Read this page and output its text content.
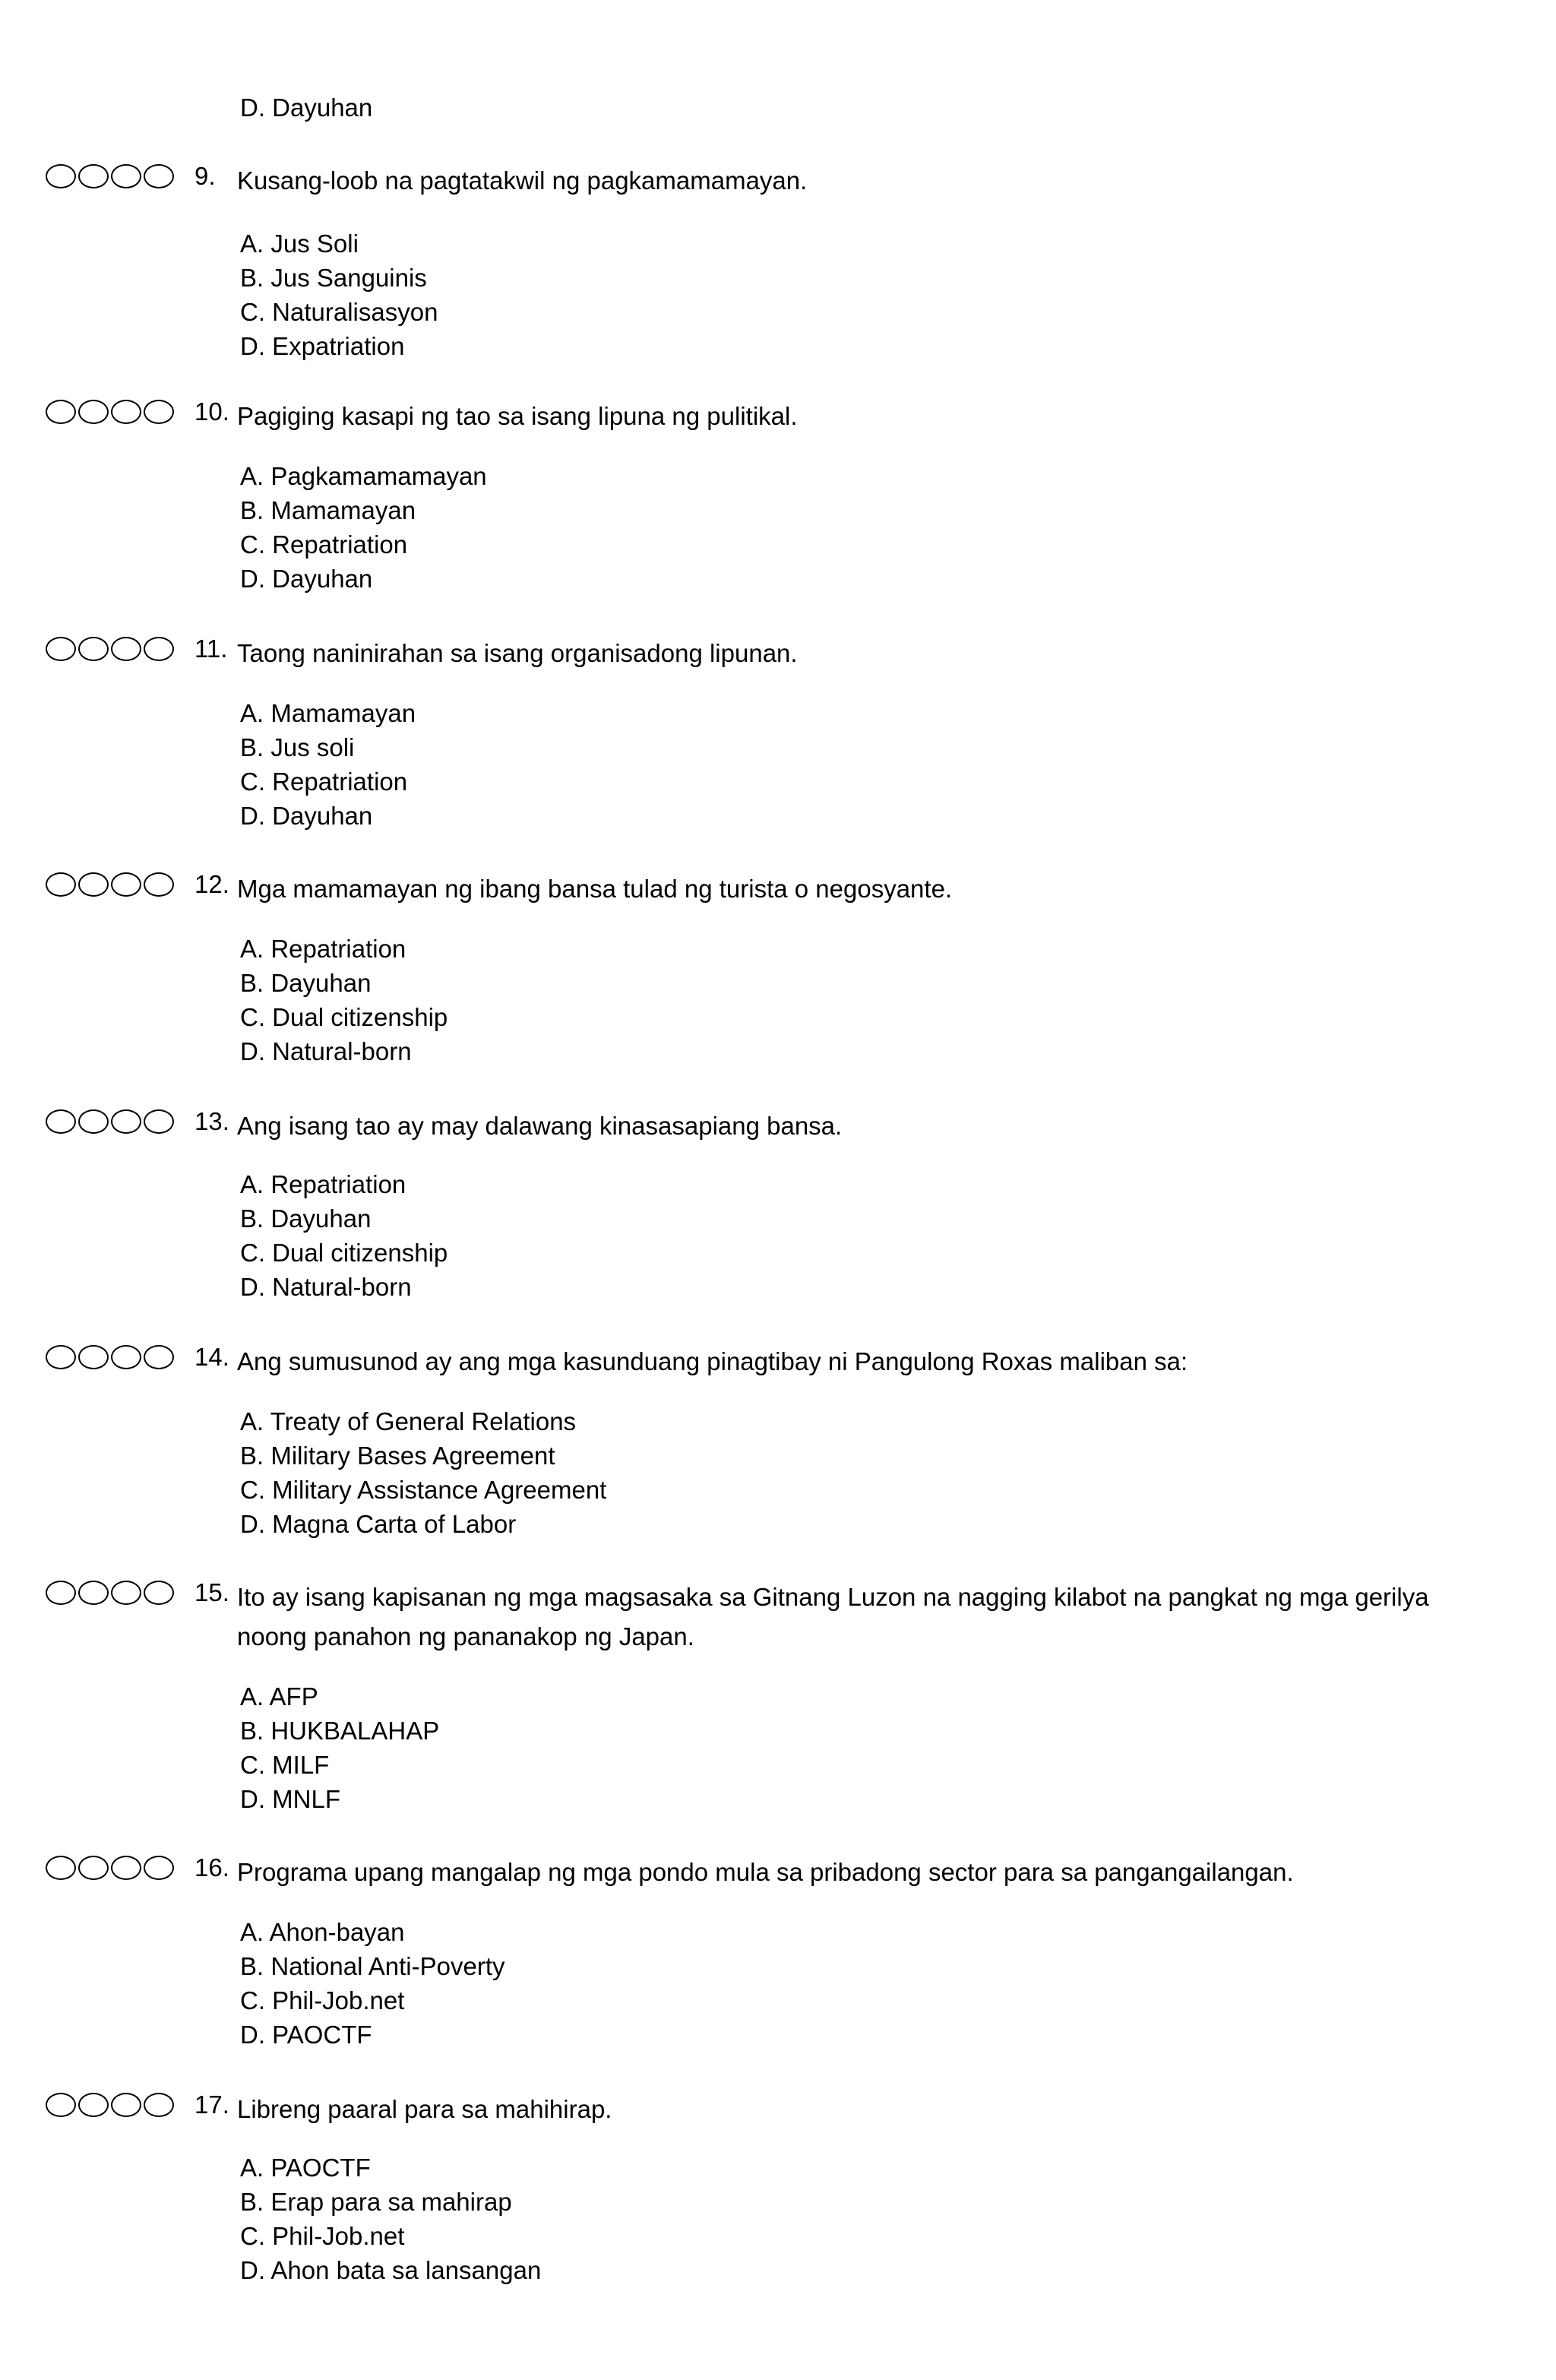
D. Dayuhan
9. Kusang-loob na pagtatakwil ng pagkamamamayan.
A. Jus Soli
B. Jus Sanguinis
C. Naturalisasyon
D. Expatriation
10. Pagiging kasapi ng tao sa isang lipuna ng pulitikal.
A. Pagkamamamayan
B. Mamamayan
C. Repatriation
D. Dayuhan
11. Taong naninirahan sa isang organisadong lipunan.
A. Mamamayan
B. Jus soli
C. Repatriation
D. Dayuhan
12. Mga mamamayan ng ibang bansa tulad ng turista o negosyante.
A. Repatriation
B. Dayuhan
C. Dual citizenship
D. Natural-born
13. Ang isang tao ay may dalawang kinasasapiang bansa.
A. Repatriation
B. Dayuhan
C. Dual citizenship
D. Natural-born
14. Ang sumusunod ay ang mga kasunduang pinagtibay ni Pangulong Roxas maliban sa:
A. Treaty of General Relations
B. Military Bases Agreement
C. Military Assistance Agreement
D. Magna Carta of Labor
15. Ito ay isang kapisanan ng mga magsasaka sa Gitnang Luzon na nagging kilabot na pangkat ng mga gerilya noong panahon ng pananakop ng Japan.
A. AFP
B. HUKBALAHAP
C. MILF
D. MNLF
16. Programa upang mangalap ng mga pondo mula sa pribadong sector para sa pangangailangan.
A. Ahon-bayan
B. National Anti-Poverty
C. Phil-Job.net
D. PAOCTF
17. Libreng paaral para sa mahihirap.
A. PAOCTF
B. Erap para sa mahirap
C. Phil-Job.net
D. Ahon bata sa lansangan
